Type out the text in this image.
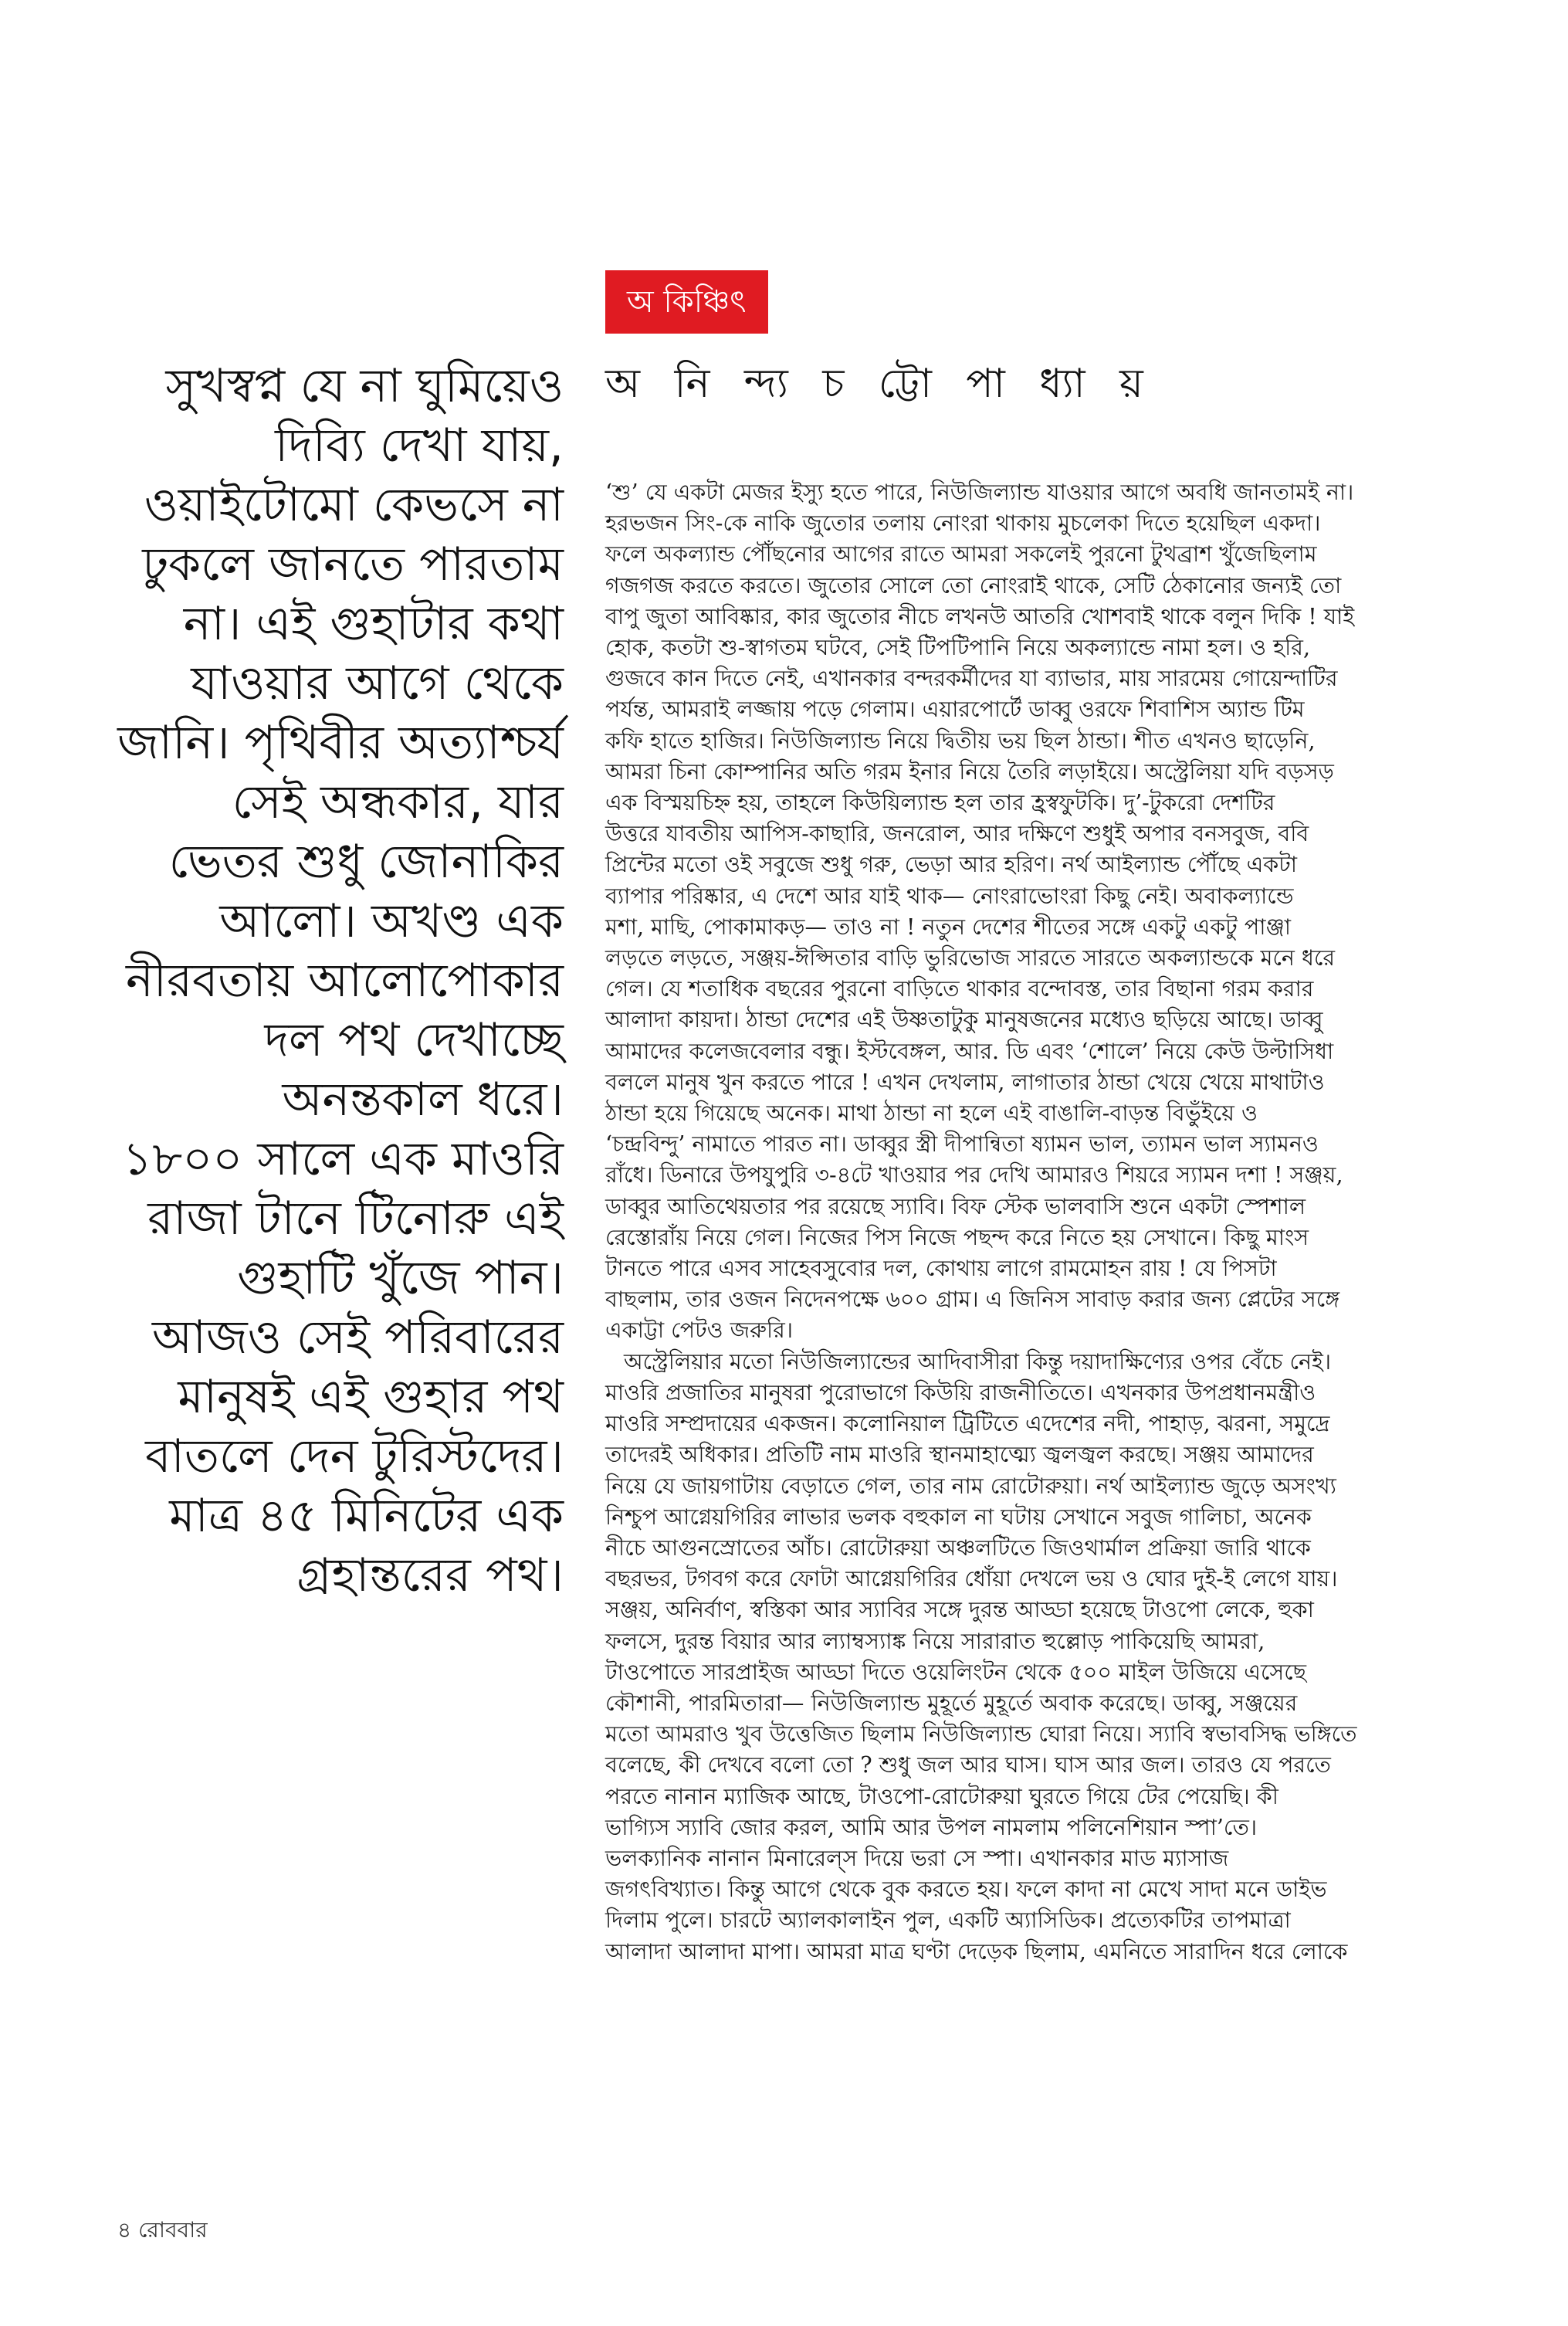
অ কিঞ্চিৎ
অ নি ন্দ্য চ ট্টো পা ধ্যা য়
সুখস্বপ্ন যে না ঘুমিয়েও
দিব্যি দেখা যায়,
ওয়াইটোমো কেভসে না
ঢুকলে জানতে পারতাম
না। এই গুহাটার কথা
যাওয়ার আগে থেকে
জানি। পৃথিবীর অত্যাশ্চর্য
সেই অন্ধকার, যার
ভেতর শুধু জোনাকির
আলো। অখণ্ড এক
নীরবতায় আলোপোকার
দল পথ দেখাচ্ছে
অনন্তকাল ধরে।
১৮০০ সালে এক মাওরি
রাজা টানে টিনোরু এই
গুহাটি খুঁজে পান।
আজও সেই পরিবারের
মানুষই এই গুহার পথ
বাতলে দেন টুরিস্টদের।
মাত্র ৪৫ মিনিটের এক
গ্রহান্তরের পথ।
‘শু’ যে একটা মেজর ইস্যু হতে পারে, নিউজিল্যান্ড যাওয়ার আগে অবধি জানতামই না।
হরভজন সিং-কে নাকি জুতোর তলায় নোংরা থাকায় মুচলেকা দিতে হয়েছিল একদা।
ফলে অকল্যান্ড পৌঁছনোর আগের রাতে আমরা সকলেই পুরনো টুথব্রাশ খুঁজেছিলাম
গজগজ করতে করতে। জুতোর সোলে তো নোংরাই থাকে, সেটি ঠেকানোর জন্যই তো
বাপু জুতা আবিষ্কার, কার জুতোর নীচে লখনউ আতরি খোশবাই থাকে বলুন দিকি ! যাই
হোক, কতটা শু-স্বাগতম ঘটবে, সেই টিপটিপানি নিয়ে অকল্যান্ডে নামা হল। ও হরি,
গুজবে কান দিতে নেই, এখানকার বন্দরকর্মীদের যা ব্যাভার, মায় সারমেয় গোয়েন্দাটির
পর্যন্ত, আমরাই লজ্জায় পড়ে গেলাম। এয়ারপোর্টে ডাব্বু ওরফে শিবাশিস অ্যান্ড টিম
কফি হাতে হাজির। নিউজিল্যান্ড নিয়ে দ্বিতীয় ভয় ছিল ঠান্ডা। শীত এখনও ছাড়েনি,
আমরা চিনা কোম্পানির অতি গরম ইনার নিয়ে তৈরি লড়াইয়ে। অস্ট্রেলিয়া যদি বড়সড়
এক বিস্ময়চিহ্ন হয়, তাহলে কিউয়িল্যান্ড হল তার হ্রস্বফুটকি। দু’-টুকরো দেশটির
উত্তরে যাবতীয় আপিস-কাছারি, জনরোল, আর দক্ষিণে শুধুই অপার বনসবুজ, ববি
প্রিন্টের মতো ওই সবুজে শুধু গরু, ভেড়া আর হরিণ। নর্থ আইল্যান্ড পৌঁছে একটা
ব্যাপার পরিষ্কার, এ দেশে আর যাই থাক— নোংরাভোংরা কিছু নেই। অবাকল্যান্ডে
মশা, মাছি, পোকামাকড়— তাও না ! নতুন দেশের শীতের সঙ্গে একটু একটু পাঞ্জা
লড়তে লড়তে, সঞ্জয়-ঈপ্সিতার বাড়ি ভুরিভোজ সারতে সারতে অকল্যান্ডকে মনে ধরে
গেল। যে শতাধিক বছরের পুরনো বাড়িতে থাকার বন্দোবস্ত, তার বিছানা গরম করার
আলাদা কায়দা। ঠান্ডা দেশের এই উষ্ণতাটুকু মানুষজনের মধ্যেও ছড়িয়ে আছে। ডাব্বু
আমাদের কলেজবেলার বন্ধু। ইস্টবেঙ্গল, আর. ডি এবং ‘শোলে’ নিয়ে কেউ উল্টাসিধা
বললে মানুষ খুন করতে পারে ! এখন দেখলাম, লাগাতার ঠান্ডা খেয়ে খেয়ে মাথাটাও
ঠান্ডা হয়ে গিয়েছে অনেক। মাথা ঠান্ডা না হলে এই বাঙালি-বাড়ন্ত বিভুঁইয়ে ও
‘চন্দ্রবিন্দু’ নামাতে পারত না। ডাব্বুর স্ত্রী দীপান্বিতা ষ্যামন ভাল, ত্যামন ভাল স্যামনও
রাঁধে। ডিনারে উপযুপুরি ৩-৪টে খাওয়ার পর দেখি আমারও শিয়রে স্যামন দশা ! সঞ্জয়,
ডাব্বুর আতিথেয়তার পর রয়েছে স্যাবি। বিফ স্টেক ভালবাসি শুনে একটা স্পেশাল
রেস্তোরাঁয় নিয়ে গেল। নিজের পিস নিজে পছন্দ করে নিতে হয় সেখানে। কিছু মাংস
টানতে পারে এসব সাহেবসুবোর দল, কোথায় লাগে রামমোহন রায় ! যে পিসটা
বাছলাম, তার ওজন নিদেনপক্ষে ৬০০ গ্রাম। এ জিনিস সাবাড় করার জন্য প্লেটের সঙ্গে
একাট্টা পেটও জরুরি।
অস্ট্রেলিয়ার মতো নিউজিল্যান্ডের আদিবাসীরা কিন্তু দয়াদাক্ষিণ্যের ওপর বেঁচে নেই।
মাওরি প্রজাতির মানুষরা পুরোভাগে কিউয়ি রাজনীতিতে। এখনকার উপপ্রধানমন্ত্রীও
মাওরি সম্প্রদায়ের একজন। কলোনিয়াল ট্রিটিতে এদেশের নদী, পাহাড়, ঝরনা, সমুদ্রে
তাদেরই অধিকার। প্রতিটি নাম মাওরি স্থানমাহাত্ম্যে জ্বলজ্বল করছে। সঞ্জয় আমাদের
নিয়ে যে জায়গাটায় বেড়াতে গেল, তার নাম রোটোরুয়া। নর্থ আইল্যান্ড জুড়ে অসংখ্য
নিশ্চুপ আগ্নেয়গিরির লাভার ভলক বহুকাল না ঘটায় সেখানে সবুজ গালিচা, অনেক
নীচে আগুনস্রোতের আঁচ। রোটোরুয়া অঞ্চলটিতে জিওথার্মাল প্রক্রিয়া জারি থাকে
বছরভর, টগবগ করে ফোটা আগ্নেয়গিরির ধোঁয়া দেখলে ভয় ও ঘোর দুই-ই লেগে যায়।
সঞ্জয়, অনির্বাণ, স্বস্তিকা আর স্যাবির সঙ্গে দুরন্ত আড্ডা হয়েছে টাওপো লেকে, হুকা
ফলসে, দুরন্ত বিয়ার আর ল্যাম্বস্যাঙ্ক নিয়ে সারারাত হুল্লোড় পাকিয়েছি আমরা,
টাওপোতে সারপ্রাইজ আড্ডা দিতে ওয়েলিংটন থেকে ৫০০ মাইল উজিয়ে এসেছে
কৌশানী, পারমিতারা— নিউজিল্যান্ড মুহূর্তে মুহূর্তে অবাক করেছে। ডাব্বু, সঞ্জয়ের
মতো আমরাও খুব উত্তেজিত ছিলাম নিউজিল্যান্ড ঘোরা নিয়ে। স্যাবি স্বভাবসিদ্ধ ভঙ্গিতে
বলেছে, কী দেখবে বলো তো ? শুধু জল আর ঘাস। ঘাস আর জল। তারও যে পরতে
পরতে নানান ম্যাজিক আছে, টাওপো-রোটোরুয়া ঘুরতে গিয়ে টের পেয়েছি। কী
ভাগ্যিস স্যাবি জোর করল, আমি আর উপল নামলাম পলিনেশিয়ান স্পা’তে।
ভলক্যানিক নানান মিনারেল্‌স দিয়ে ভরা সে স্পা। এখানকার মাড ম্যাসাজ
জগৎবিখ্যাত। কিন্তু আগে থেকে বুক করতে হয়। ফলে কাদা না মেখে সাদা মনে ডাইভ
দিলাম পুলে। চারটে অ্যালকালাইন পুল, একটি অ্যাসিডিক। প্রত্যেকটির তাপমাত্রা
আলাদা আলাদা মাপা। আমরা মাত্র ঘণ্টা দেড়েক ছিলাম, এমনিতে সারাদিন ধরে লোকে
৪ রোববার
